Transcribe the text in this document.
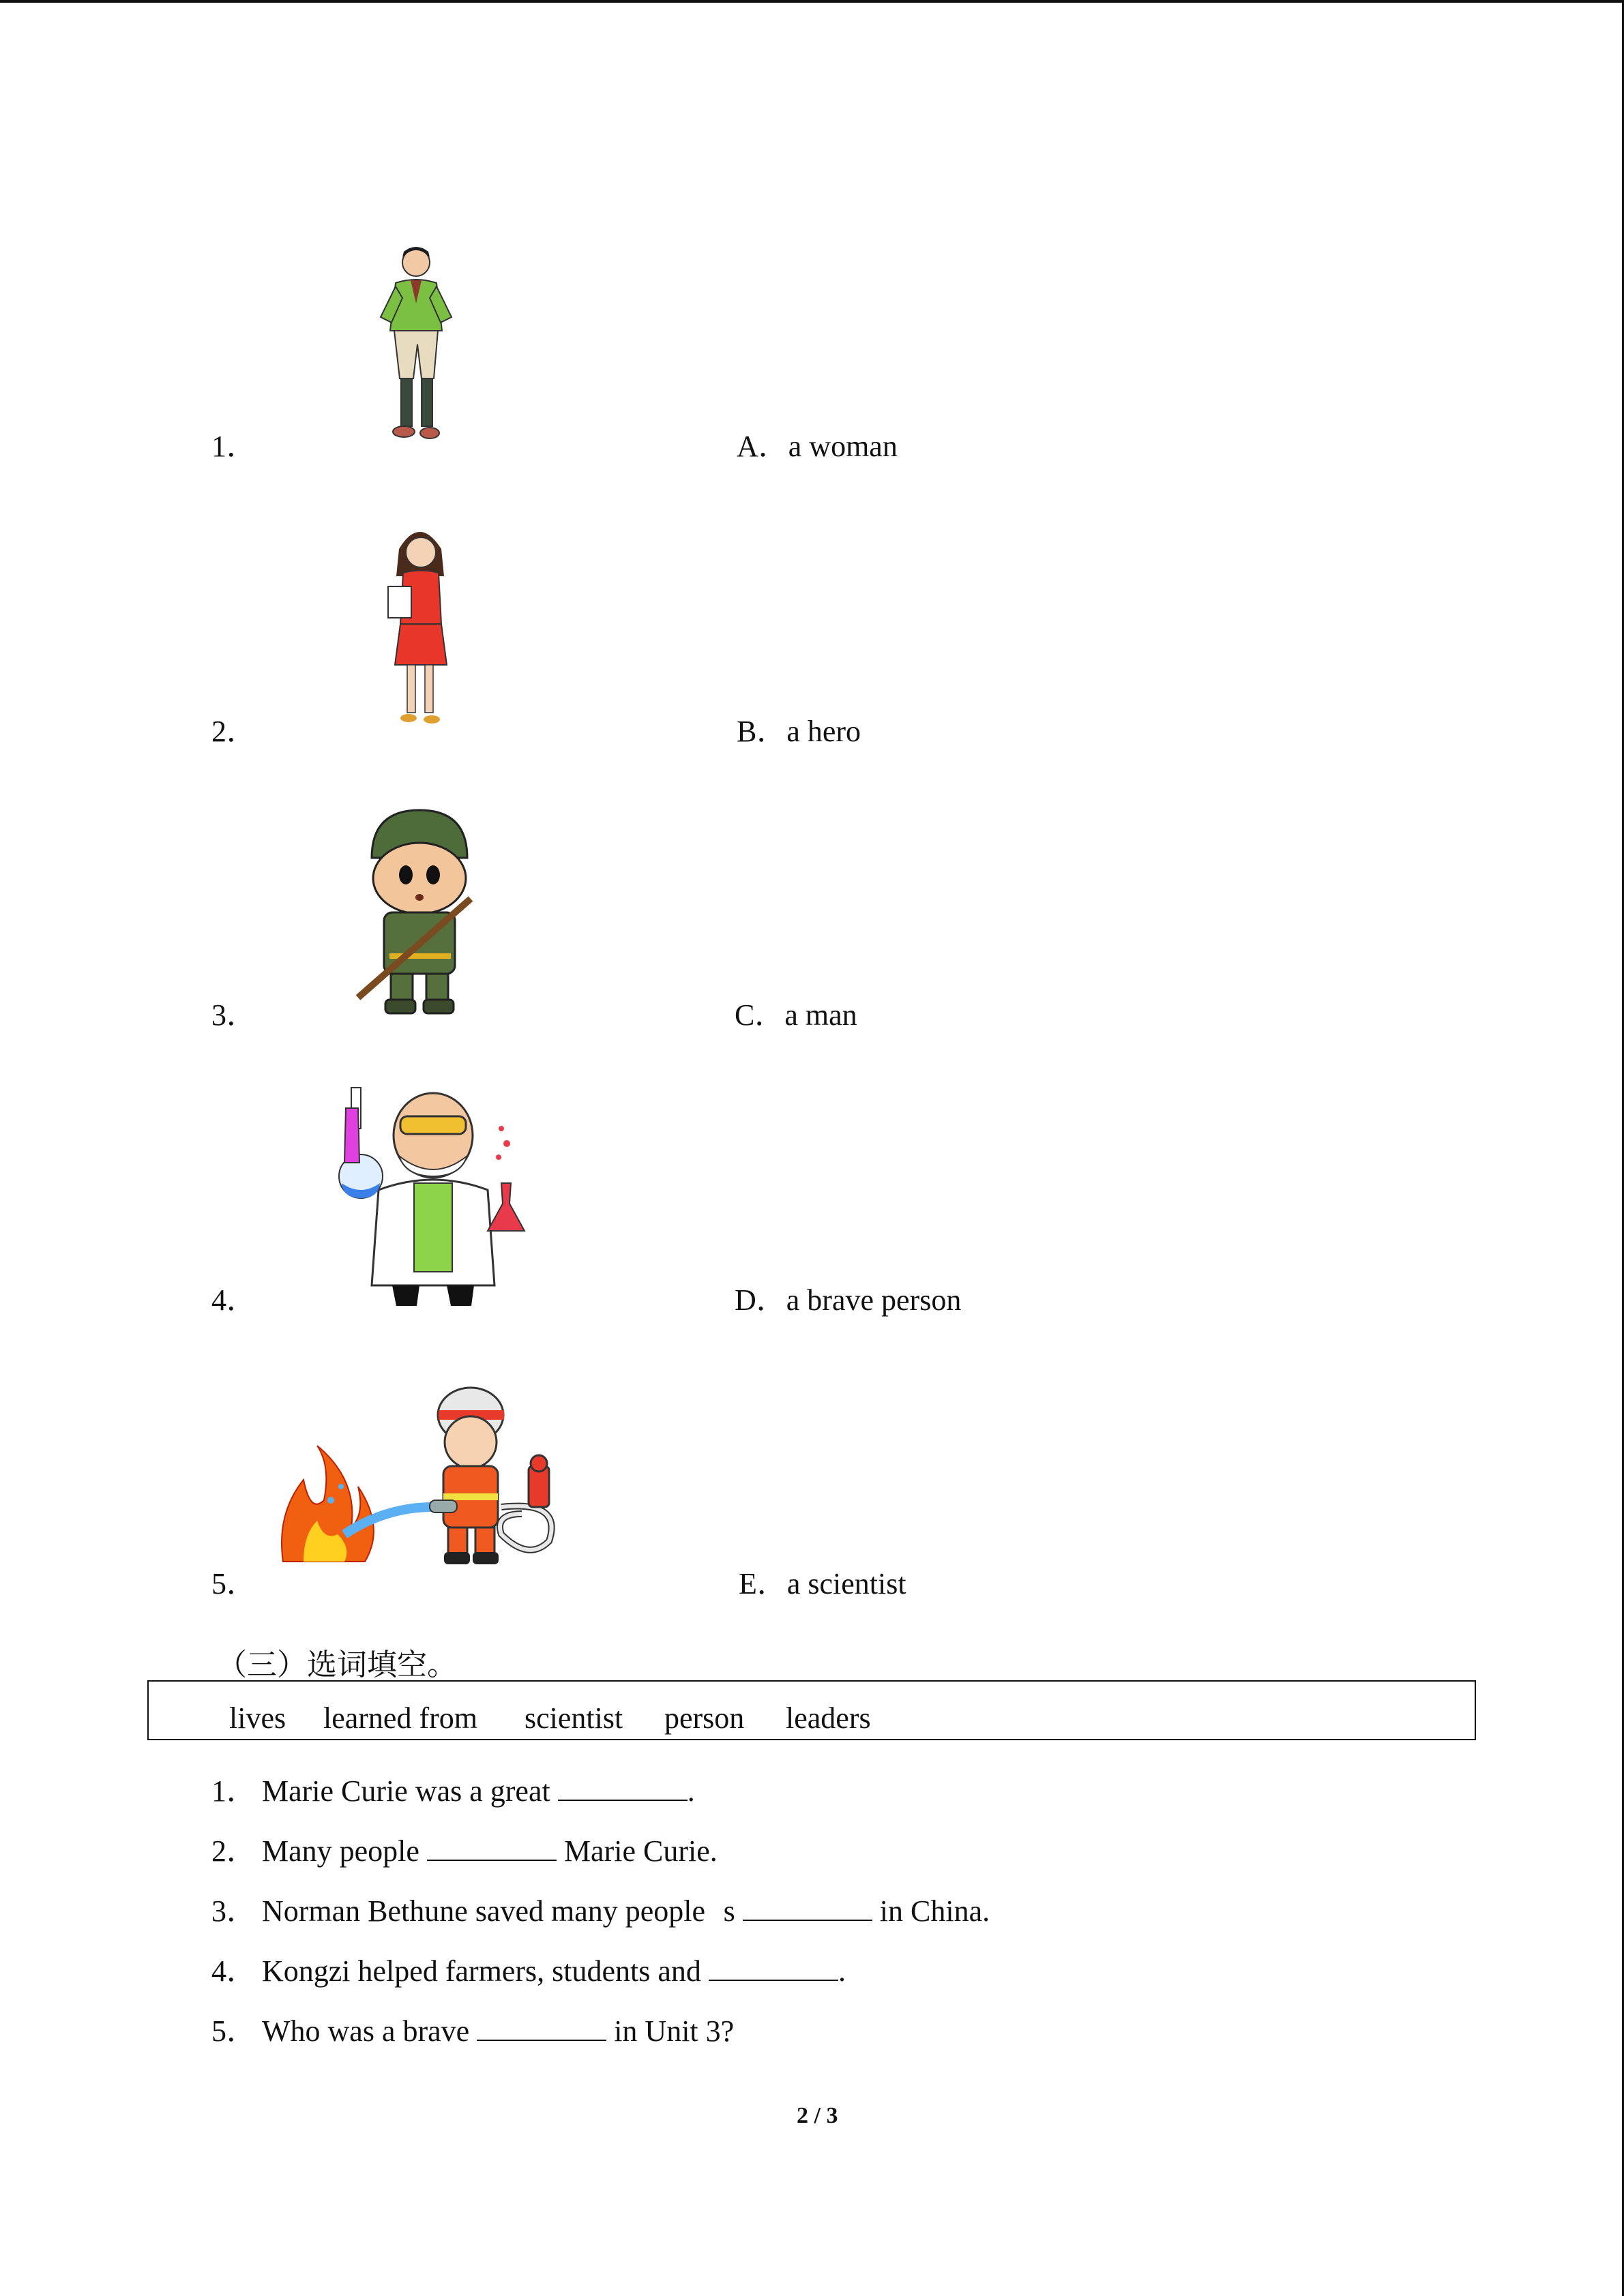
1．	A．a woman
2．	B．a hero
3．	C．a man
4．	D．a brave person
5．	E．a scientist
（三）选词填空。
lives learned from scientist person leaders
1． Marie Curie was a great	.
2． Many people	Marie Curie.
3． Norman Bethune saved many peoples	in China.
4． Kongzi helped farmers, students and	.
5． Who was a brave	in Unit 3?
2 / 3
